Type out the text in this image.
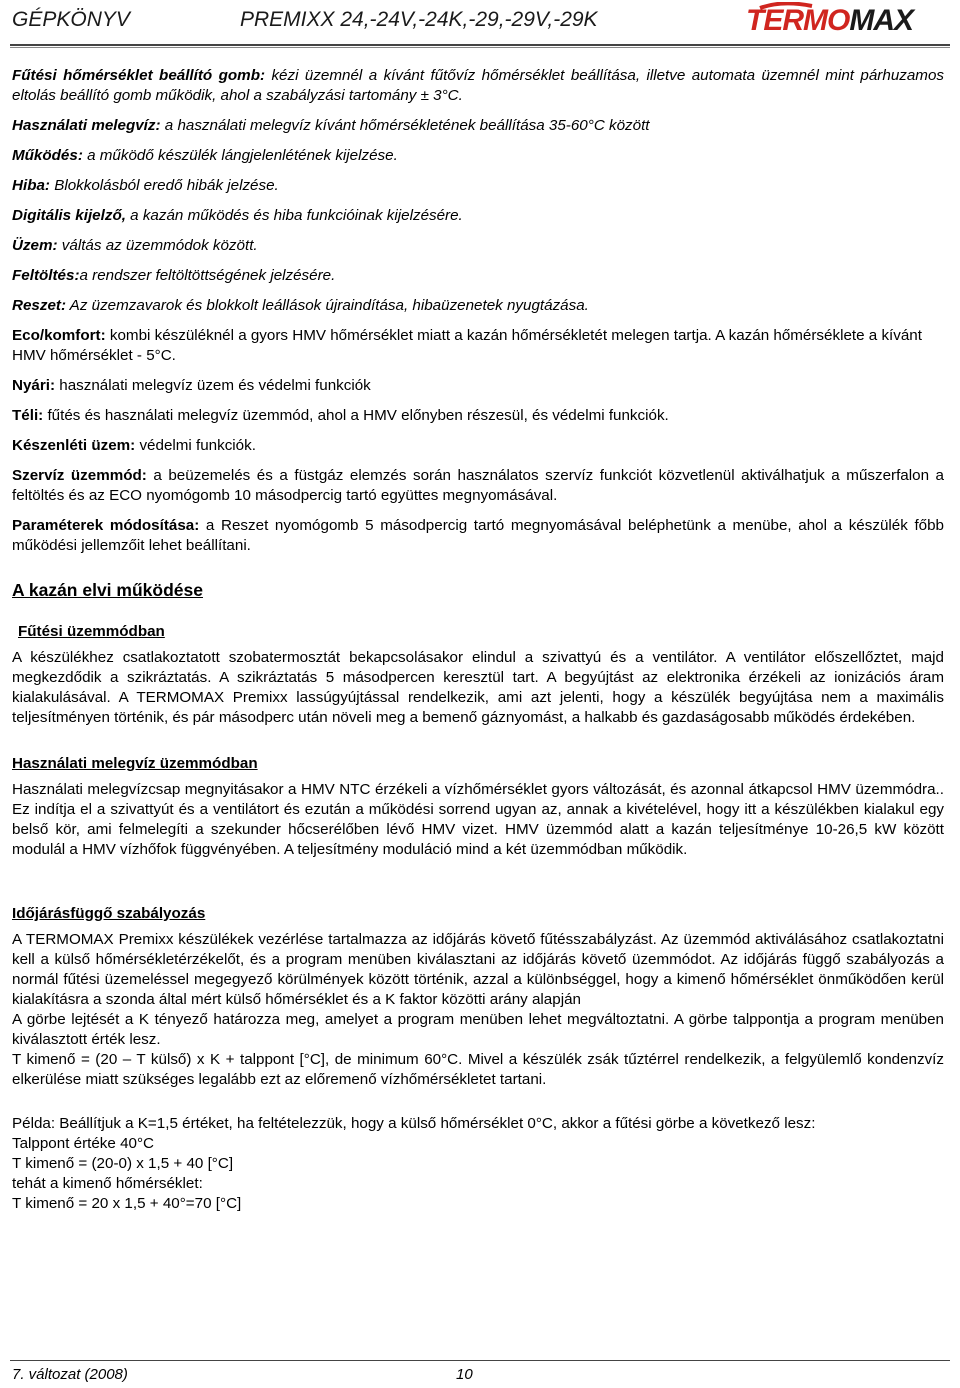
GÉPKÖNYV	PREMIXX 24,-24V,-24K,-29,-29V,-29K	TERMOMAX

Fűtési hőmérséklet beállító gomb: kézi üzemnél a kívánt fűtővíz hőmérséklet beállítása, illetve automata üzemnél mint párhuzamos eltolás beállító gomb működik, ahol a szabályzási tartomány ± 3°C.

Használati melegvíz: a használati melegvíz kívánt hőmérsékletének beállítása 35-60°C között

Működés: a működő készülék lángjelenlétének kijelzése.

Hiba: Blokkolásból eredő hibák jelzése.

Digitális kijelző, a kazán működés és hiba funkcióinak kijelzésére.

Üzem: váltás az üzemmódok között.

Feltöltés:a rendszer feltöltöttségének jelzésére.

Reszet: Az üzemzavarok és blokkolt leállások újraindítása, hibaüzenetek nyugtázása.

Eco/komfort: kombi készüléknél a gyors HMV hőmérséklet miatt a kazán hőmérsékletét melegen tartja. A kazán hőmérséklete a kívánt HMV hőmérséklet - 5°C.

Nyári: használati melegvíz üzem és védelmi funkciók

Téli: fűtés és használati melegvíz üzemmód, ahol a HMV előnyben részesül, és védelmi funkciók.

Készenléti üzem: védelmi funkciók.

Szervíz üzemmód: a beüzemelés és a füstgáz elemzés során használatos szervíz funkciót közvetlenül aktiválhatjuk a műszerfalon a feltöltés és az ECO nyomógomb 10 másodpercig tartó együttes megnyomásával.

Paraméterek módosítása: a Reszet nyomógomb 5 másodpercig tartó megnyomásával beléphetünk a menübe, ahol a készülék főbb működési jellemzőit lehet beállítani.

A kazán elvi működése
Fűtési üzemmódban

A készülékhez csatlakoztatott szobatermosztát bekapcsolásakor elindul a szivattyú és a ventilátor. A ventilátor előszellőztet, majd megkezdődik a szikráztatás. A szikráztatás 5 másodpercen keresztül tart. A begyújtást az elektronika érzékeli az ionizációs áram kialakulásával. A TERMOMAX Premixx lassúgyújtással rendelkezik, ami azt jelenti, hogy a készülék begyújtása nem a maximális teljesítményen történik, és pár másodperc után növeli meg a bemenő gáznyomást, a halkabb és gazdaságosabb működés érdekében.

Használati melegvíz üzemmódban

Használati melegvízcsap megnyitásakor a HMV NTC érzékeli a vízhőmérséklet gyors változását, és azonnal átkapcsol HMV üzemmódra.. Ez indítja el a szivattyút és a ventilátort és ezután a működési sorrend ugyan az, annak a kivételével, hogy itt a készülékben kialakul egy belső kör, ami felmelegíti a szekunder hőcserélőben lévő HMV vizet. HMV üzemmód alatt a kazán teljesítménye 10-26,5 kW között modulál a HMV vízhőfok függvényében. A teljesítmény moduláció mind a két üzemmódban működik.

Időjárásfüggő szabályozás

A TERMOMAX Premixx készülékek vezérlése tartalmazza az időjárás követő fűtésszabályzást. Az üzemmód aktiválásához csatlakoztatni kell a külső hőmérsékletérzékelőt, és a program menüben kiválasztani az időjárás követő üzemmódot. Az időjárás függő szabályozás a normál fűtési üzemeléssel megegyező körülmények között történik, azzal a különbséggel, hogy a kimenő hőmérséklet önműködően kerül kialakításra a szonda által mért külső hőmérséklet és a K faktor közötti arány alapján

A görbe lejtését a K tényező határozza meg, amelyet a program menüben lehet megváltoztatni. A görbe talppontja a program menüben kiválasztott érték lesz.

T kimenő = (20 – T külső) x K + talppont [°C], de minimum 60°C. Mivel a készülék zsák tűztérrel rendelkezik, a felgyülemlő kondenzvíz elkerülése miatt szükséges legalább ezt az előremenő vízhőmérsékletet tartani.

Példa: Beállítjuk a K=1,5 értéket, ha feltételezzük, hogy a külső hőmérséklet 0°C, akkor a fűtési görbe a következő lesz:
Talppont értéke 40°C
T kimenő = (20-0) x 1,5 + 40 [°C]
tehát a kimenő hőmérséklet:
T kimenő = 20 x 1,5 + 40°=70 [°C]
7. változat (2008)	10
